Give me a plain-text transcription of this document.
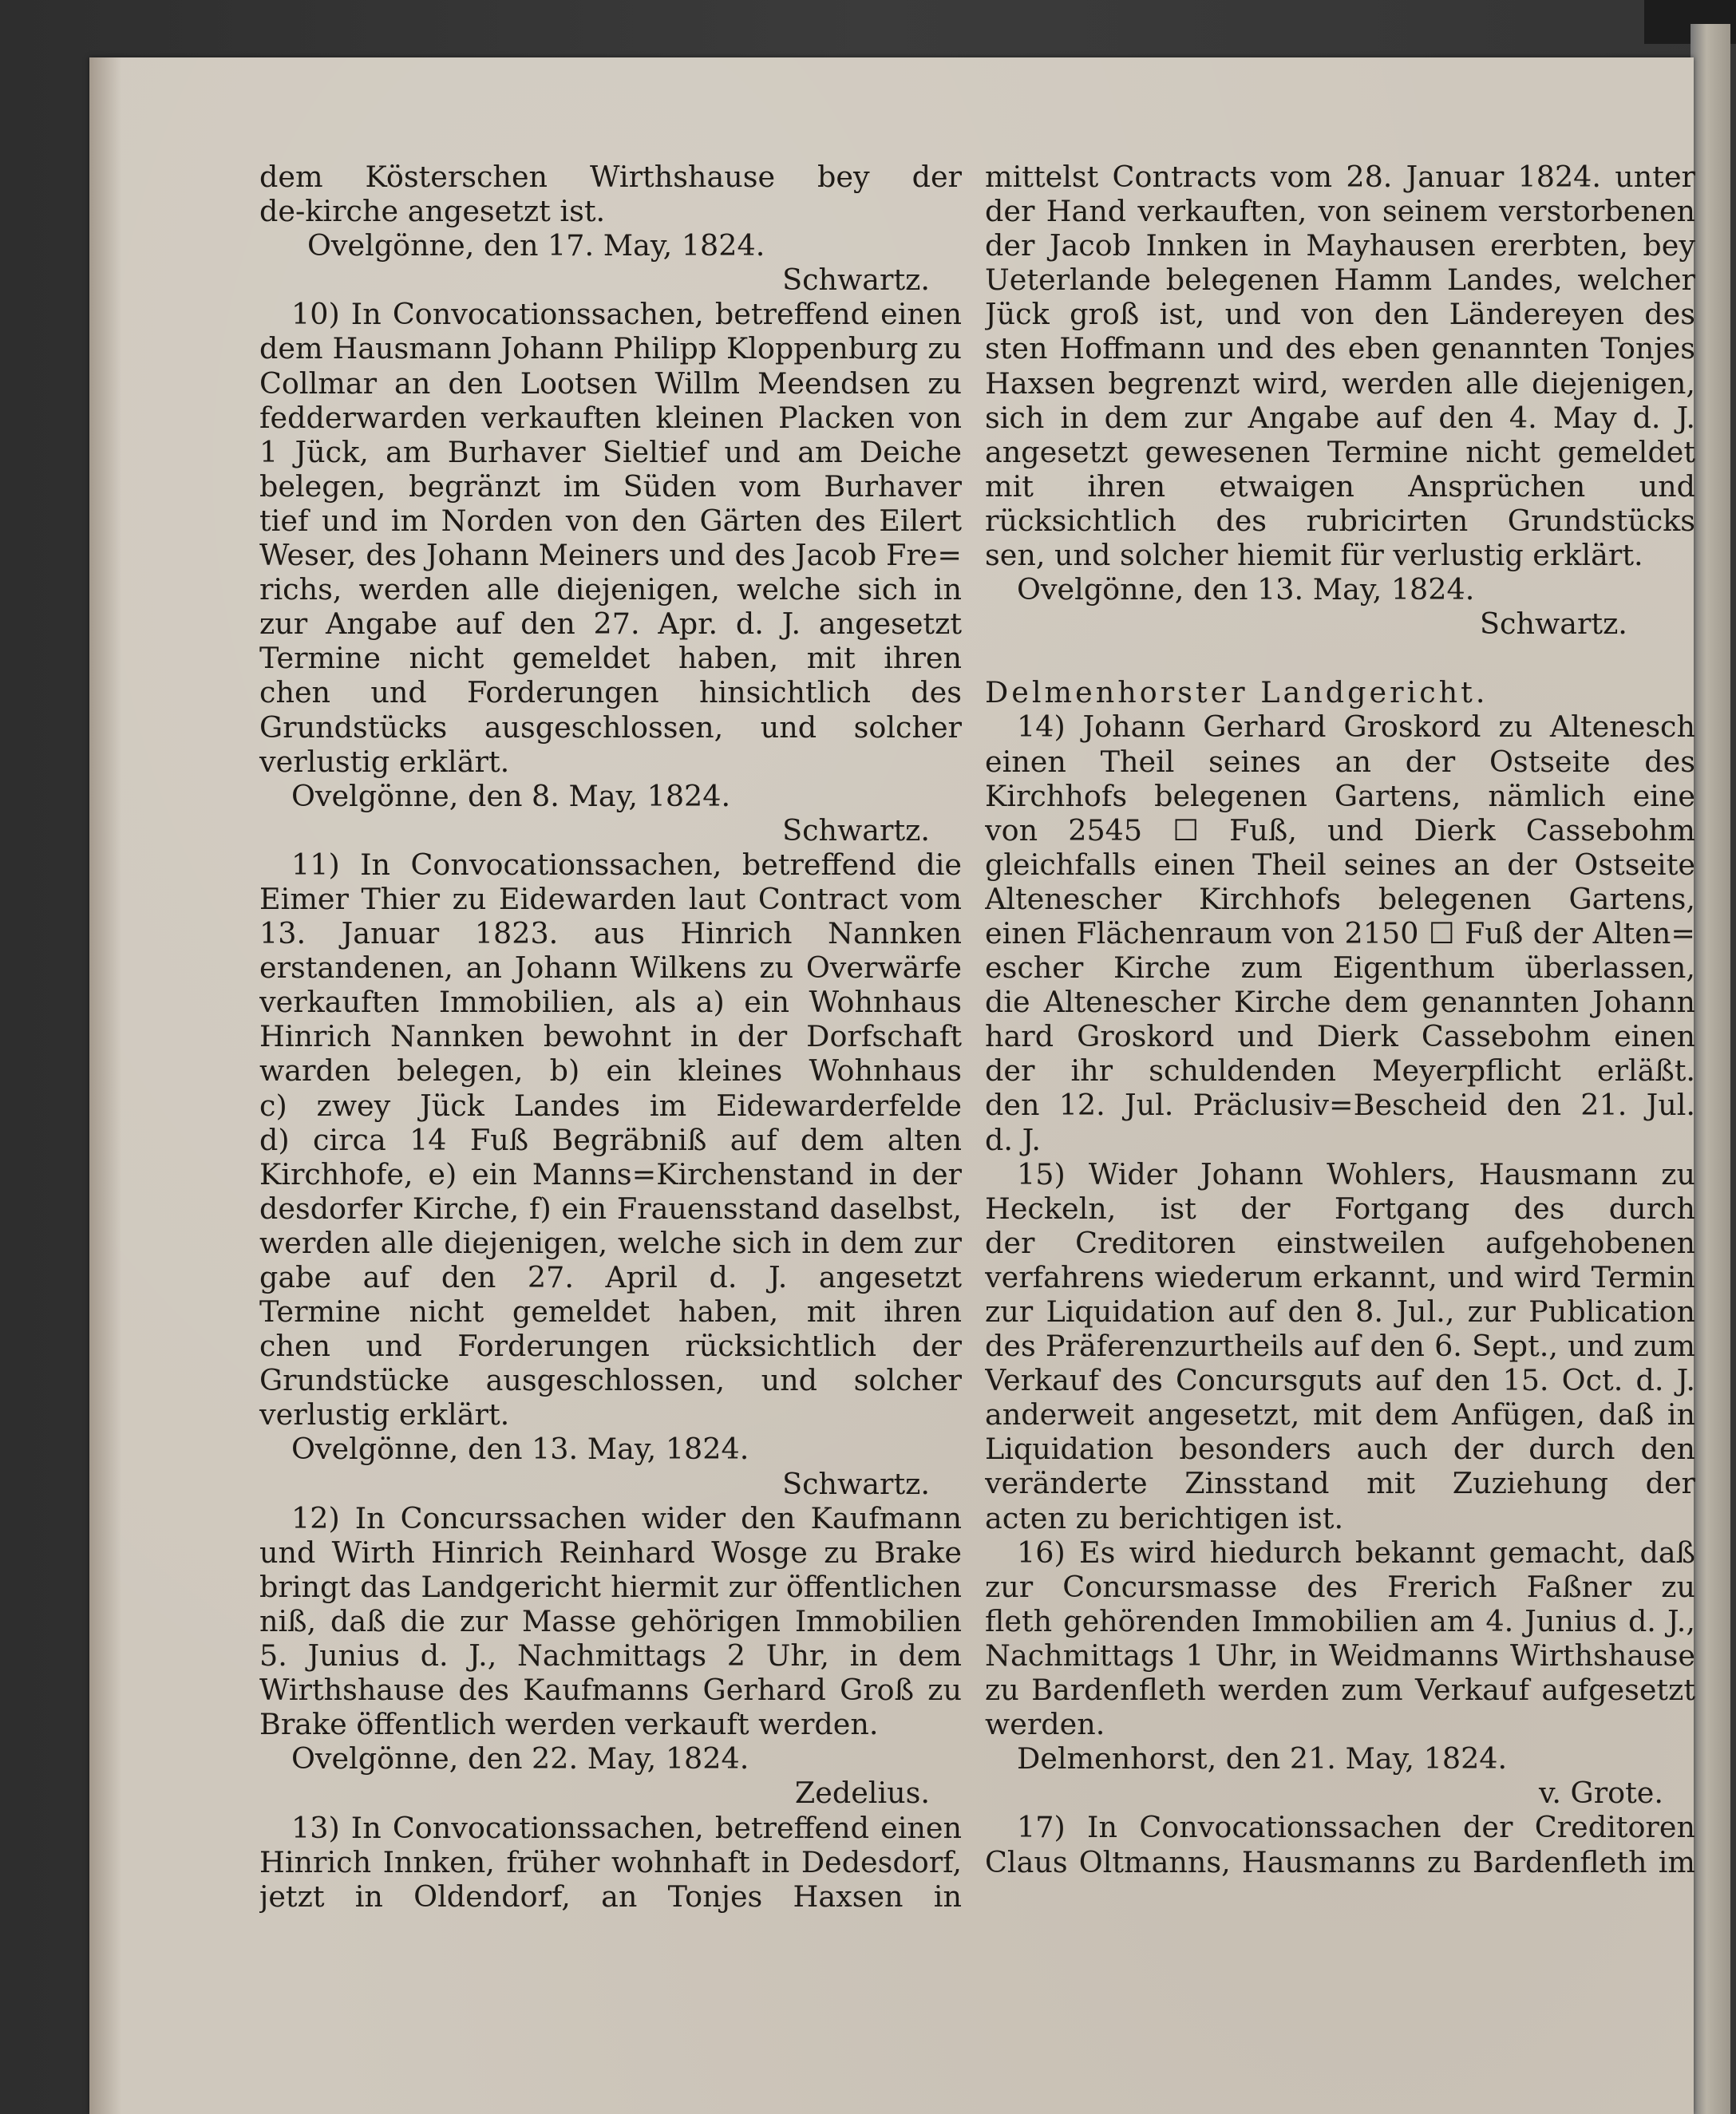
dem Kösterschen Wirthshause bey der
de-kirche angesetzt ist.
Ovelgönne, den 17. May, 1824.
Schwartz.
10) In Convocationssachen, betreffend einen
dem Hausmann Johann Philipp Kloppenburg zu
Collmar an den Lootsen Willm Meendsen zu
fedderwarden verkauften kleinen Placken von
1 Jück, am Burhaver Sieltief und am Deiche
belegen, begränzt im Süden vom Burhaver
tief und im Norden von den Gärten des Eilert
Weser, des Johann Meiners und des Jacob Fre=
richs, werden alle diejenigen, welche sich in
zur Angabe auf den 27. Apr. d. J. angesetzt
Termine nicht gemeldet haben, mit ihren
chen und Forderungen hinsichtlich des
Grundstücks ausgeschlossen, und solcher
verlustig erklärt.
Ovelgönne, den 8. May, 1824.
Schwartz.
11) In Convocationssachen, betreffend die
Eimer Thier zu Eidewarden laut Contract vom
13. Januar 1823. aus Hinrich Nannken
erstandenen, an Johann Wilkens zu Overwärfe
verkauften Immobilien, als a) ein Wohnhaus
Hinrich Nannken bewohnt in der Dorfschaft
warden belegen, b) ein kleines Wohnhaus
c) zwey Jück Landes im Eidewarderfelde
d) circa 14 Fuß Begräbniß auf dem alten
Kirchhofe, e) ein Manns=Kirchenstand in der
desdorfer Kirche, f) ein Frauensstand daselbst,
werden alle diejenigen, welche sich in dem zur
gabe auf den 27. April d. J. angesetzt
Termine nicht gemeldet haben, mit ihren
chen und Forderungen rücksichtlich der
Grundstücke ausgeschlossen, und solcher
verlustig erklärt.
Ovelgönne, den 13. May, 1824.
Schwartz.
12) In Concurssachen wider den Kaufmann
und Wirth Hinrich Reinhard Wosge zu Brake
bringt das Landgericht hiermit zur öffentlichen
niß, daß die zur Masse gehörigen Immobilien
5. Junius d. J., Nachmittags 2 Uhr, in dem
Wirthshause des Kaufmanns Gerhard Groß zu
Brake öffentlich werden verkauft werden.
Ovelgönne, den 22. May, 1824.
Zedelius.
13) In Convocationssachen, betreffend einen
Hinrich Innken, früher wohnhaft in Dedesdorf,
jetzt in Oldendorf, an Tonjes Haxsen in
mittelst Contracts vom 28. Januar 1824. unter
der Hand verkauften, von seinem verstorbenen
der Jacob Innken in Mayhausen ererbten, bey
Ueterlande belegenen Hamm Landes, welcher
Jück groß ist, und von den Ländereyen des
sten Hoffmann und des eben genannten Tonjes
Haxsen begrenzt wird, werden alle diejenigen,
sich in dem zur Angabe auf den 4. May d. J.
angesetzt gewesenen Termine nicht gemeldet
mit ihren etwaigen Ansprüchen und
rücksichtlich des rubricirten Grundstücks
sen, und solcher hiemit für verlustig erklärt.
Ovelgönne, den 13. May, 1824.
Schwartz.
Delmenhorster Landgericht.
14) Johann Gerhard Groskord zu Altenesch
einen Theil seines an der Ostseite des
Kirchhofs belegenen Gartens, nämlich eine
von 2545 ☐ Fuß, und Dierk Cassebohm
gleichfalls einen Theil seines an der Ostseite
Altenescher Kirchhofs belegenen Gartens,
einen Flächenraum von 2150 ☐ Fuß der Alten=
escher Kirche zum Eigenthum überlassen,
die Altenescher Kirche dem genannten Johann
hard Groskord und Dierk Cassebohm einen
der ihr schuldenden Meyerpflicht erläßt.
den 12. Jul. Präclusiv=Bescheid den 21. Jul.
d. J.
15) Wider Johann Wohlers, Hausmann zu
Heckeln, ist der Fortgang des durch
der Creditoren einstweilen aufgehobenen
verfahrens wiederum erkannt, und wird Termin
zur Liquidation auf den 8. Jul., zur Publication
des Präferenzurtheils auf den 6. Sept., und zum
Verkauf des Concursguts auf den 15. Oct. d. J.
anderweit angesetzt, mit dem Anfügen, daß in
Liquidation besonders auch der durch den
veränderte Zinsstand mit Zuziehung der
acten zu berichtigen ist.
16) Es wird hiedurch bekannt gemacht, daß
zur Concursmasse des Frerich Faßner zu
fleth gehörenden Immobilien am 4. Junius d. J.,
Nachmittags 1 Uhr, in Weidmanns Wirthshause
zu Bardenfleth werden zum Verkauf aufgesetzt
werden.
Delmenhorst, den 21. May, 1824.
v. Grote.
17) In Convocationssachen der Creditoren
Claus Oltmanns, Hausmanns zu Bardenfleth im
